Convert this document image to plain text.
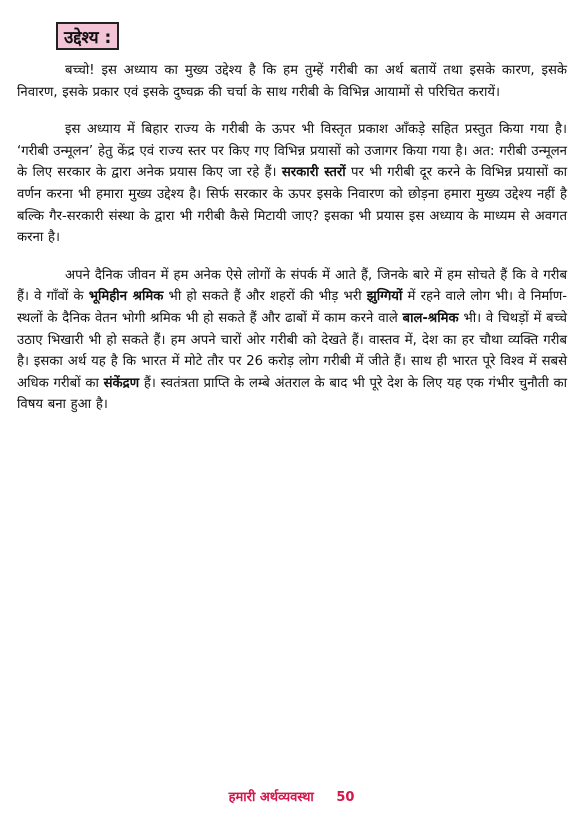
उद्देश्य :

बच्चो! इस अध्याय का मुख्य उद्देश्य है कि हम तुम्हें गरीबी का अर्थ बतायें तथा इसके कारण, इसके निवारण, इसके प्रकार एवं इसके दुष्चक्र की चर्चा के साथ गरीबी के विभिन्न आयामों से परिचित करायें।

इस अध्याय में बिहार राज्य के गरीबी के ऊपर भी विस्तृत प्रकाश आँकड़े सहित प्रस्तुत किया गया है। ‘गरीबी उन्मूलन’ हेतु केंद्र एवं राज्य स्तर पर किए गए विभिन्न प्रयासों को उजागर किया गया है। अत: गरीबी उन्मूलन के लिए सरकार के द्वारा अनेक प्रयास किए जा रहे हैं। सरकारी स्तरों पर भी गरीबी दूर करने के विभिन्न प्रयासों का वर्णन करना भी हमारा मुख्य उद्देश्य है। सिर्फ सरकार के ऊपर इसके निवारण को छोड़ना हमारा मुख्य उद्देश्य नहीं है बल्कि गैर-सरकारी संस्था के द्वारा भी गरीबी कैसे मिटायी जाए? इसका भी प्रयास इस अध्याय के माध्यम से अवगत करना है।

अपने दैनिक जीवन में हम अनेक ऐसे लोगों के संपर्क में आते हैं, जिनके बारे में हम सोचते हैं कि वे गरीब हैं। वे गाँवों के भूमिहीन श्रमिक भी हो सकते हैं और शहरों की भीड़ भरी झुग्गियों में रहने वाले लोग भी। वे निर्माण-स्थलों के दैनिक वेतन भोगी श्रमिक भी हो सकते हैं और ढाबों में काम करने वाले बाल-श्रमिक भी। वे चिथड़ों में बच्चे उठाए भिखारी भी हो सकते हैं। हम अपने चारों ओर गरीबी को देखते हैं। वास्तव में, देश का हर चौथा व्यक्ति गरीब है। इसका अर्थ यह है कि भारत में मोटे तौर पर 26 करोड़ लोग गरीबी में जीते हैं। साथ ही भारत पूरे विश्व में सबसे अधिक गरीबों का संकेंद्रण हैं। स्वतंत्रता प्राप्ति के लम्बे अंतराल के बाद भी पूरे देश के लिए यह एक गंभीर चुनौती का विषय बना हुआ है।

हमारी अर्थव्यवस्था 50
